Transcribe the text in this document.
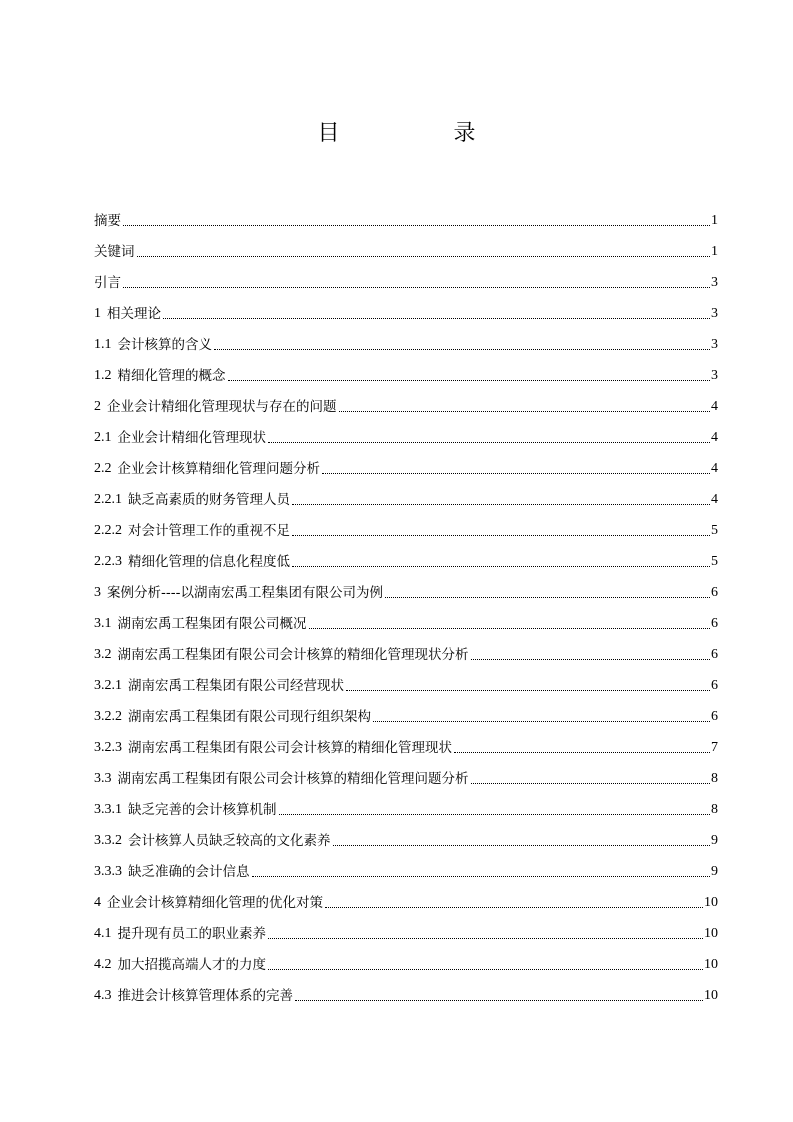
目　录
摘要	1
关键词	1
引言	3
1 相关理论	3
1.1 会计核算的含义	3
1.2 精细化管理的概念	3
2 企业会计精细化管理现状与存在的问题	4
2.1 企业会计精细化管理现状	4
2.2 企业会计核算精细化管理问题分析	4
2.2.1 缺乏高素质的财务管理人员	4
2.2.2 对会计管理工作的重视不足	5
2.2.3 精细化管理的信息化程度低	5
3 案例分析----以湖南宏禹工程集团有限公司为例	6
3.1 湖南宏禹工程集团有限公司概况	6
3.2 湖南宏禹工程集团有限公司会计核算的精细化管理现状分析	6
3.2.1 湖南宏禹工程集团有限公司经营现状	6
3.2.2 湖南宏禹工程集团有限公司现行组织架构	6
3.2.3 湖南宏禹工程集团有限公司会计核算的精细化管理现状	7
3.3 湖南宏禹工程集团有限公司会计核算的精细化管理问题分析	8
3.3.1 缺乏完善的会计核算机制	8
3.3.2 会计核算人员缺乏较高的文化素养	9
3.3.3 缺乏准确的会计信息	9
4 企业会计核算精细化管理的优化对策	10
4.1 提升现有员工的职业素养	10
4.2 加大招揽高端人才的力度	10
4.3 推进会计核算管理体系的完善	10
